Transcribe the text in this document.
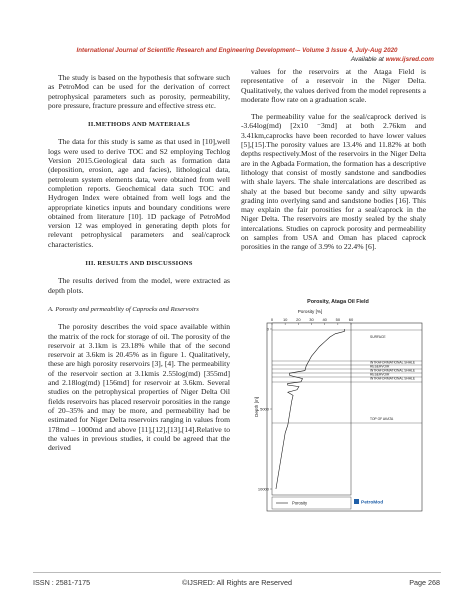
International Journal of Scientific Research and Engineering Development-– Volume 3 Issue 4, July-Aug 2020
Available at www.ijsred.com

The study is based on the hypothesis that software such as PetroMod can be used for the derivation of correct petrophysical parameters such as porosity, permeability, pore pressure, fracture pressure and effective stress etc.

II.METHODS AND MATERIALS

The data for this study is same as that used in [10],well logs were used to derive TOC and S2 employing Techlog Version 2015.Geological data such as formation data (deposition, erosion, age and facies), lithological data, petroleum system elements data, were obtained from well completion reports. Geochemical data such TOC and Hydrogen Index were obtained from well logs and the appropriate kinetics inputs and boundary conditions were obtained from literature [10]. 1D package of PetroMod version 12 was employed in generating depth plots for relevant petrophysical parameters and seal/caprock characteristics.

III. RESULTS AND DISCUSSIONS

The results derived from the model, were extracted as depth plots.

A. Porosity and permeability of Caprocks and Reservoirs

The porosity describes the void space available within the matrix of the rock for storage of oil. The porosity of the reservoir at 3.1km is 23.18% while that of the second reservoir at 3.6km is 20.45% as in figure 1. Qualitatively, these are high porosity reservoirs [3], [4]. The permeability of the reservoir section at 3.1kmis 2.55log(md) [355md] and 2.18log(md) [156md] for reservoir at 3.6km. Several studies on the petrophysical properties of Niger Delta Oil fields reservoirs has placed reservoir porosities in the range of 20–35% and may be more, and permeability had be estimated for Niger Delta reservoirs ranging in values from 178md – 1000md and above [11],[12],[13],[14].Relative to the values in previous studies, it could be agreed that the derived

values for the reservoirs at the Ataga Field is representative of a reservoir in the Niger Delta. Qualitatively, the values derived from the model represents a moderate flow rate on a graduation scale.

The permeability value for the seal/caprock derived is -3.64log(md) [2x10 ⁻3md] at both 2.76km and 3.41km,caprocks have been recorded to have lower values [5],[15].The porosity values are 13.4% and 11.82% at both depths respectively.Most of the reservoirs in the Niger Delta are in the Agbada Formation, the formation has a descriptive lithology that consist of mostly sandstone and sandbodies with shale layers. The shale intercalations are described as shaly at the based but become sandy and silty upwards grading into overlying sand and sandstone bodies [16]. This may explain the fair porosities for a seal/caprock in the Niger Delta. The reservoirs are mostly sealed by the shaly intercalations. Studies on caprock porosity and permeability on samples from USA and Oman has placed caprock porosities in the range of 3.9% to 22.4% [6].

Porosity, Ataga Oil Field
Porosity [%]
Depth [m]
0 10 20 30 40 50 60
0
5000
10000
SURFACE
INTRAFORMATIONAL SHALE
RESERVOIR
INTRAFORMATIONAL SHALE
RESERVOIR
INTRAFORMATIONAL SHALE
TOP OF AKATA
Porosity	PetroMod
ISSN : 2581-7175	©IJSRED: All Rights are Reserved	Page 268
